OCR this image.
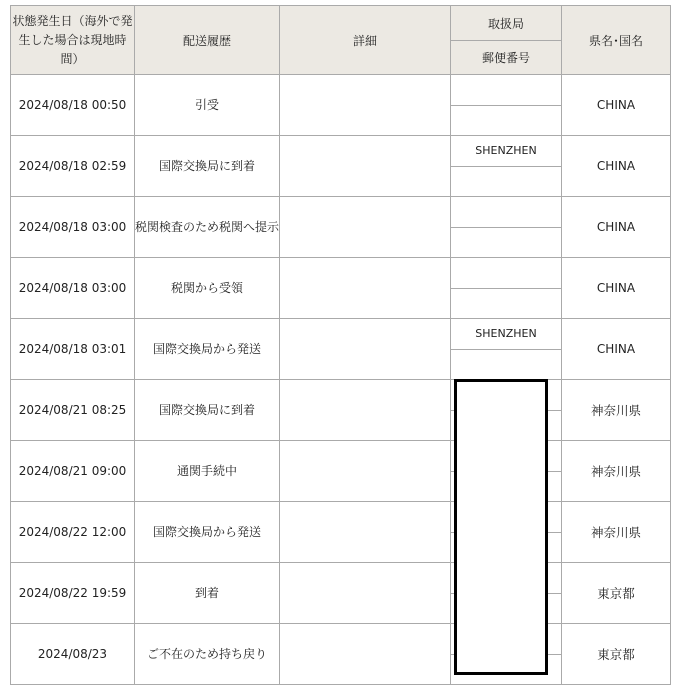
状態発生日（海外で発生した場合は現地時間）	配送履歴	詳細	取扱局	県名･国名
			郵便番号	
2024/08/18 00:50	引受			CHINA
2024/08/18 02:59	国際交換局に到着		SHENZHEN	CHINA
2024/08/18 03:00	税関検査のため税関へ提示			CHINA
2024/08/18 03:00	税関から受領			CHINA
2024/08/18 03:01	国際交換局から発送		SHENZHEN	CHINA
2024/08/21 08:25	国際交換局に到着			神奈川県
2024/08/21 09:00	通関手続中			神奈川県
2024/08/22 12:00	国際交換局から発送			神奈川県
2024/08/22 19:59	到着			東京都
2024/08/23	ご不在のため持ち戻り			東京都
